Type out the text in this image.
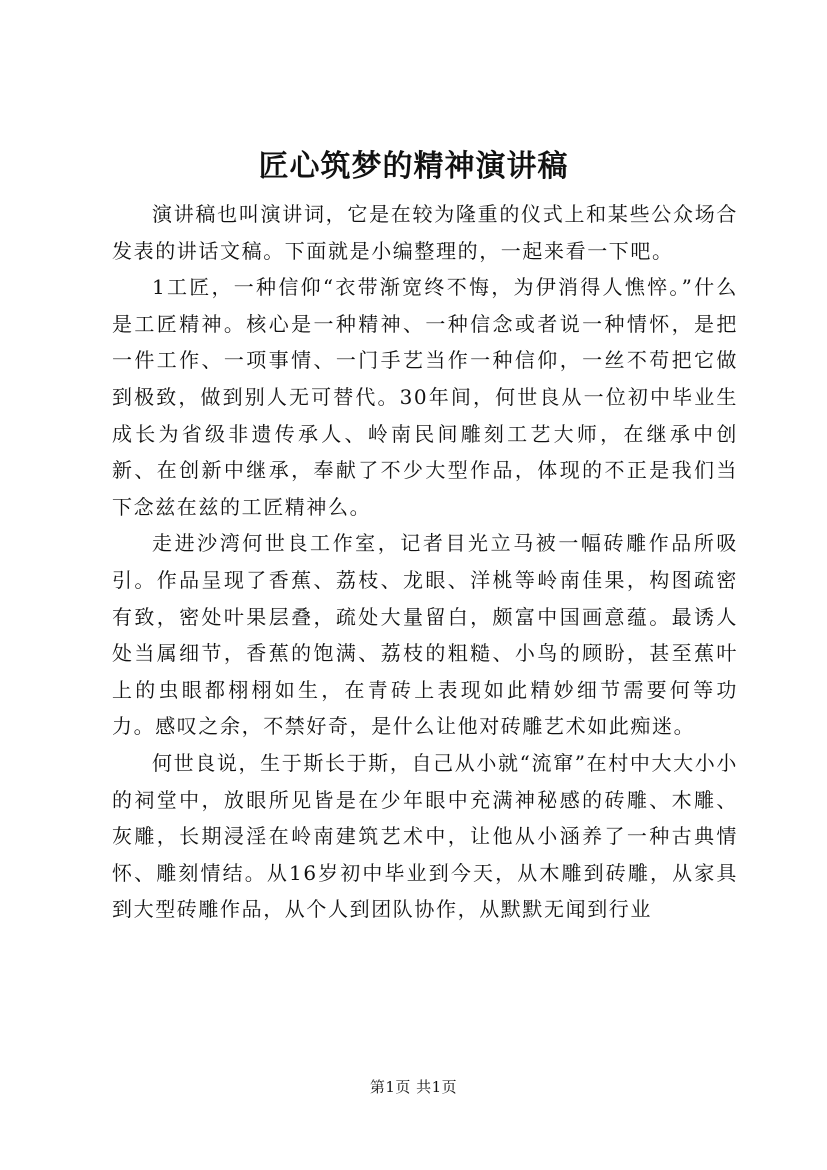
匠心筑梦的精神演讲稿

演讲稿也叫演讲词，它是在较为隆重的仪式上和某些公众场合发表的讲话文稿。下面就是小编整理的，一起来看一下吧。

1工匠，一种信仰“衣带渐宽终不悔，为伊消得人憔悴。”什么是工匠精神。核心是一种精神、一种信念或者说一种情怀，是把一件工作、一项事情、一门手艺当作一种信仰，一丝不苟把它做到极致，做到别人无可替代。30年间，何世良从一位初中毕业生成长为省级非遗传承人、岭南民间雕刻工艺大师，在继承中创新、在创新中继承，奉献了不少大型作品，体现的不正是我们当下念兹在兹的工匠精神么。

走进沙湾何世良工作室，记者目光立马被一幅砖雕作品所吸引。作品呈现了香蕉、荔枝、龙眼、洋桃等岭南佳果，构图疏密有致，密处叶果层叠，疏处大量留白，颇富中国画意蕴。最诱人处当属细节，香蕉的饱满、荔枝的粗糙、小鸟的顾盼，甚至蕉叶上的虫眼都栩栩如生，在青砖上表现如此精妙细节需要何等功力。感叹之余，不禁好奇，是什么让他对砖雕艺术如此痴迷。

何世良说，生于斯长于斯，自己从小就“流窜”在村中大大小小的祠堂中，放眼所见皆是在少年眼中充满神秘感的砖雕、木雕、灰雕，长期浸淫在岭南建筑艺术中，让他从小涵养了一种古典情怀、雕刻情结。从16岁初中毕业到今天，从木雕到砖雕，从家具到大型砖雕作品，从个人到团队协作，从默默无闻到行业

第1页 共1页
